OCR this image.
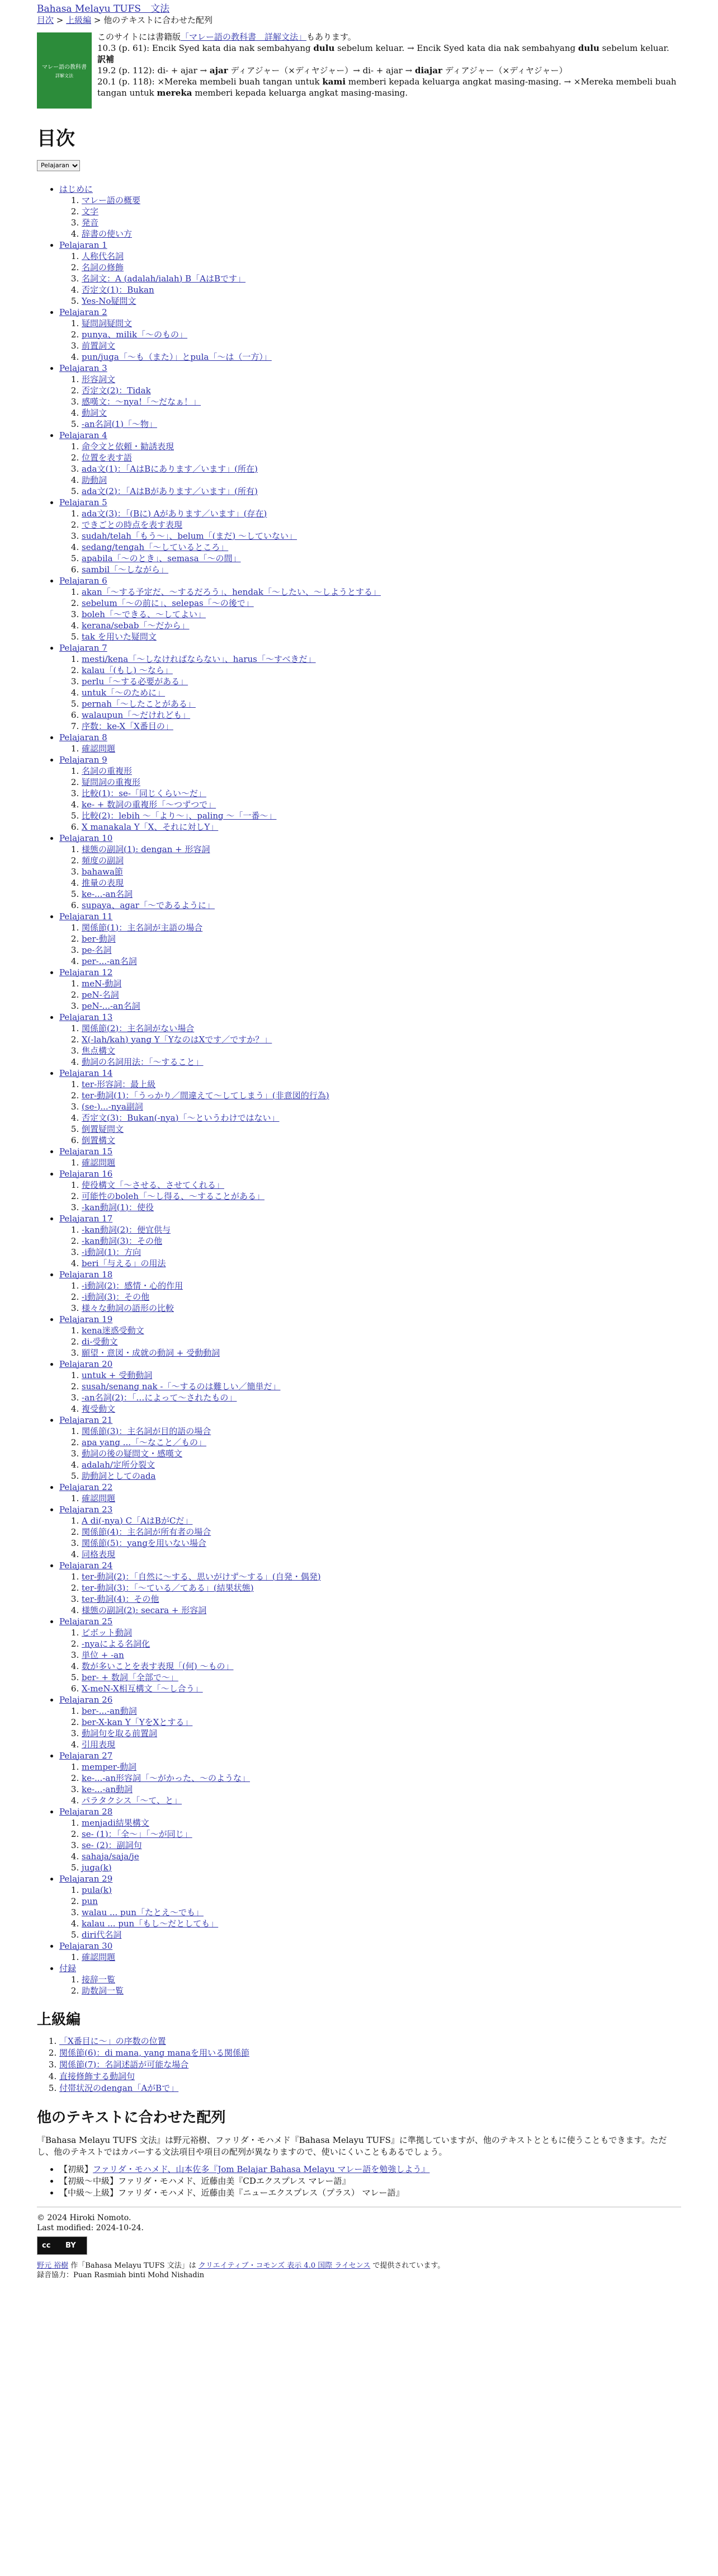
Bahasa Melayu TUFS　文法
目次 > 上級編 > 他のテキストに合わせた配列
マレー語の教科書
詳解文法
このサイトには書籍版「マレー語の教科書　詳解文法」もあります。
10.3 (p. 61): Encik Syed kata dia nak sembahyang dulu sebelum keluar. → Encik Syed kata dia nak sembahyang dulu sebelum keluar.
訳補
19.2 (p. 112): di- + ajar → ajar ディアジャー（×ディヤジャー）→ di- + ajar → diajar ディアジャー（×ディヤジャー）
20.1 (p. 118): ×Mereka membeli buah tangan untuk kami memberi kepada keluarga angkat masing-masing. → ×Mereka membeli buah tangan untuk mereka memberi kepada keluarga angkat masing-masing.
目次
Pelajaran
• はじめに
1. マレー語の概要
2. 文字
3. 発音
4. 辞書の使い方
• Pelajaran 1
1. 人称代名詞
2. 名詞の修飾
3. 名詞文：A (adalah/ialah) B「AはBです」
4. 否定文(1)：Bukan
5. Yes-No疑問文
• Pelajaran 2
1. 疑問詞疑問文
2. punya、milik「〜のもの」
3. 前置詞文
4. pun/juga「〜も（また）」とpula「〜は（一方）」
• Pelajaran 3
1. 形容詞文
2. 否定文(2)：Tidak
3. 感嘆文：～nya!「～だなぁ！」
4. 動詞文
5. -an名詞(1)「〜物」
• Pelajaran 4
1. 命令文と依頼・勧誘表現
2. 位置を表す語
3. ada文(1)：「AはBにあります／います」(所在)
4. 助動詞
5. ada文(2)：「AはBがあります／います」(所有)
• Pelajaran 5
1. ada文(3)：「(Bに) Aがあります／います」(存在)
2. できごとの時点を表す表現
3. sudah/telah「もう〜」、belum「(まだ) 〜していない」
4. sedang/tengah「〜しているところ」
5. apabila「〜のとき」、semasa「〜の間」
6. sambil「〜しながら」
• Pelajaran 6
1. akan「〜する予定だ、〜するだろう」、hendak「〜したい、〜しようとする」
2. sebelum「〜の前に」、selepas「〜の後で」
3. boleh「〜できる、〜してよい」
4. kerana/sebab「〜だから」
5. tak を用いた疑問文
• Pelajaran 7
1. mesti/kena「〜しなければならない」、harus「〜すべきだ」
2. kalau「(もし) 〜なら」
3. perlu「〜する必要がある」
4. untuk「〜のために」
5. pernah「〜したことがある」
6. walaupun「〜だけれども」
7. 序数：ke-X「X番目の」
• Pelajaran 8
1. 確認問題
• Pelajaran 9
1. 名詞の重複形
2. 疑問詞の重複形
3. 比較(1)：se-「同じくらい〜だ」
4. ke- + 数詞の重複形「〜つずつで」
5. 比較(2)：lebih 〜「より〜」、paling 〜「一番〜」
6. X manakala Y「X、それに対しY」
• Pelajaran 10
1. 様態の副詞(1): dengan + 形容詞
2. 頻度の副詞
3. bahawa節
4. 推量の表現
5. ke-...-an名詞
6. supaya、agar「〜であるように」
• Pelajaran 11
1. 関係節(1)：主名詞が主語の場合
2. ber-動詞
3. pe-名詞
4. per-...-an名詞
• Pelajaran 12
1. meN-動詞
2. peN-名詞
3. peN-...-an名詞
• Pelajaran 13
1. 関係節(2)：主名詞がない場合
2. X(-lah/kah) yang Y「YなのはXです／ですか？」
3. 焦点構文
4. 動詞の名詞用法：「〜すること」
• Pelajaran 14
1. ter-形容詞：最上級
2. ter-動詞(1)：「うっかり／間違えて〜してしまう」(非意図的行為)
3. (se-)...-nya副詞
4. 否定文(3)：Bukan(-nya)「〜というわけではない」
5. 倒置疑問文
6. 倒置構文
• Pelajaran 15
1. 確認問題
• Pelajaran 16
1. 使役構文「〜させる、させてくれる」
2. 可能性のboleh「〜し得る、〜することがある」
3. -kan動詞(1)：使役
• Pelajaran 17
1. -kan動詞(2)：便宜供与
2. -kan動詞(3)：その他
3. -i動詞(1)：方向
4. beri「与える」の用法
• Pelajaran 18
1. -i動詞(2)：感情・心的作用
2. -i動詞(3)：その他
3. 様々な動詞の語形の比較
• Pelajaran 19
1. kena迷惑受動文
2. di-受動文
3. 願望・意図・成就の動詞 + 受動動詞
• Pelajaran 20
1. untuk + 受動動詞
2. susah/senang nak -「〜するのは難しい／簡単だ」
3. -an名詞(2)：「…によって〜されたもの」
4. 複受動文
• Pelajaran 21
1. 関係節(3)：主名詞が目的語の場合
2. apa yang ...「〜なこと／もの」
3. 動詞の後の疑問文・感嘆文
4. adalah/定所分裂文
5. 助動詞としてのada
• Pelajaran 22
1. 確認問題
• Pelajaran 23
1. A di(-nya) C「AはBがCだ」
2. 関係節(4)：主名詞が所有者の場合
3. 関係節(5)：yangを用いない場合
4. 同格表現
• Pelajaran 24
1. ter-動詞(2)：「自然に〜する、思いがけず〜する」(自発・偶発)
2. ter-動詞(3)：「〜ている／てある」(結果状態)
3. ter-動詞(4)：その他
4. 様態の副詞(2): secara + 形容詞
• Pelajaran 25
1. ピボット動詞
2. -nyaによる名詞化
3. 単位 + -an
4. 数が多いことを表す表現「(何) 〜もの」
5. ber- + 数詞「全部で〜」
6. X-meN-X相互構文「〜し合う」
• Pelajaran 26
1. ber-...-an動詞
2. ber-X-kan Y「YをXとする」
3. 動詞句を取る前置詞
4. 引用表現
• Pelajaran 27
1. memper-動詞
2. ke-...-an形容詞「〜がかった、〜のような」
3. ke-...-an動詞
4. パラタクシス「〜て、と」
• Pelajaran 28
1. menjadi結果構文
2. se- (1)：「全〜」「〜が同じ」
3. se- (2)：副詞句
4. sahaja/saja/je
5. juga(k)
• Pelajaran 29
1. pula(k)
2. pun
3. walau ... pun「たとえ〜でも」
4. kalau ... pun「もし〜だとしても」
5. diri代名詞
• Pelajaran 30
1. 確認問題
• 付録
1. 接辞一覧
2. 助数詞一覧
上級編
1. 「X番目に〜」の序数の位置
2. 関係節(6)：di mana, yang manaを用いる関係節
3. 関係節(7)：名詞述語が可能な場合
4. 直接修飾する動詞句
5. 付帯状況のdengan「AがBで」
他のテキストに合わせた配列
『Bahasa Melayu TUFS 文法』は野元裕樹、ファリダ・モハメド『Bahasa Melayu TUFS』に準拠していますが、他のテキストとともに使うこともできます。ただし、他のテキストではカバーする文法項目や項目の配列が異なりますので、使いにくいこともあるでしょう。
• 【初級】ファリダ・モハメド、山本佐多『Jom Belajar Bahasa Melayu マレー語を勉強しよう』
• 【初級〜中級】ファリダ・モハメド、近藤由美『CDエクスプレス マレー語』
• 【中級〜上級】ファリダ・モハメド、近藤由美『ニューエクスプレス（プラス） マレー語』
© 2024 Hiroki Nomoto.
Last modified: 2024-10-24.
cc BY
野元 裕樹 作「Bahasa Melayu TUFS 文法」は クリエイティブ・コモンズ 表示 4.0 国際 ライセンス で提供されています。
録音協力：Puan Rasmiah binti Mohd Nishadin
